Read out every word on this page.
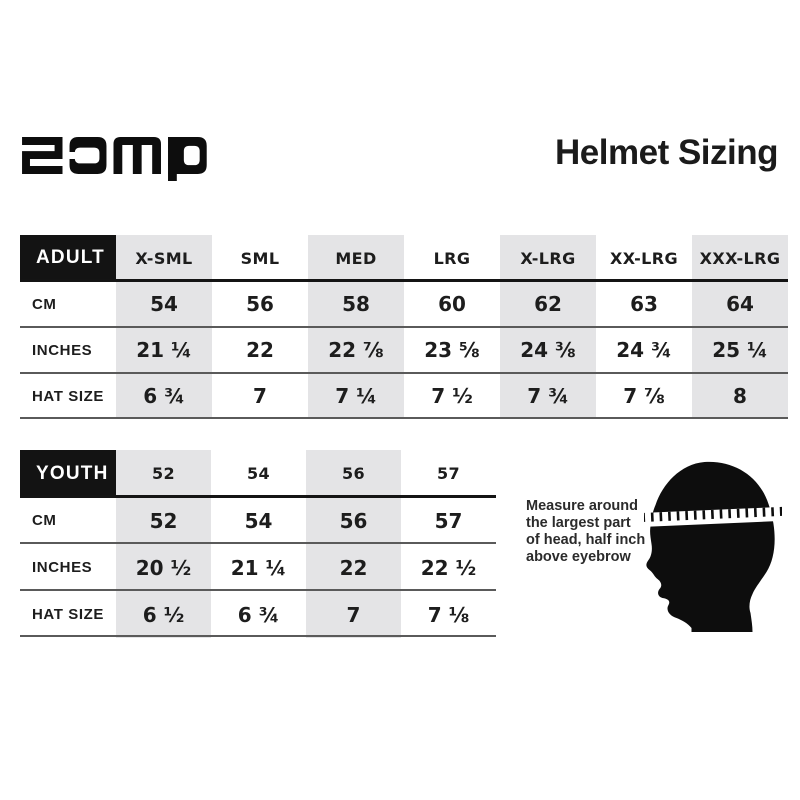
Helmet Sizing
ADULT	X-SML	SML	MED	LRG	X-LRG	XX-LRG	XXX-LRG
CM	54	56	58	60	62	63	64
INCHES	21 ¼	22	22 ⅞	23 ⅝	24 ⅜	24 ¾	25 ¼
HAT SIZE	6 ¾	7	7 ¼	7 ½	7 ¾	7 ⅞	8
YOUTH	52	54	56	57
CM	52	54	56	57
INCHES	20 ½	21 ¼	22	22 ½
HAT SIZE	6 ½	6 ¾	7	7 ⅛
Measure around
the largest part
of head, half inch
above eyebrow
